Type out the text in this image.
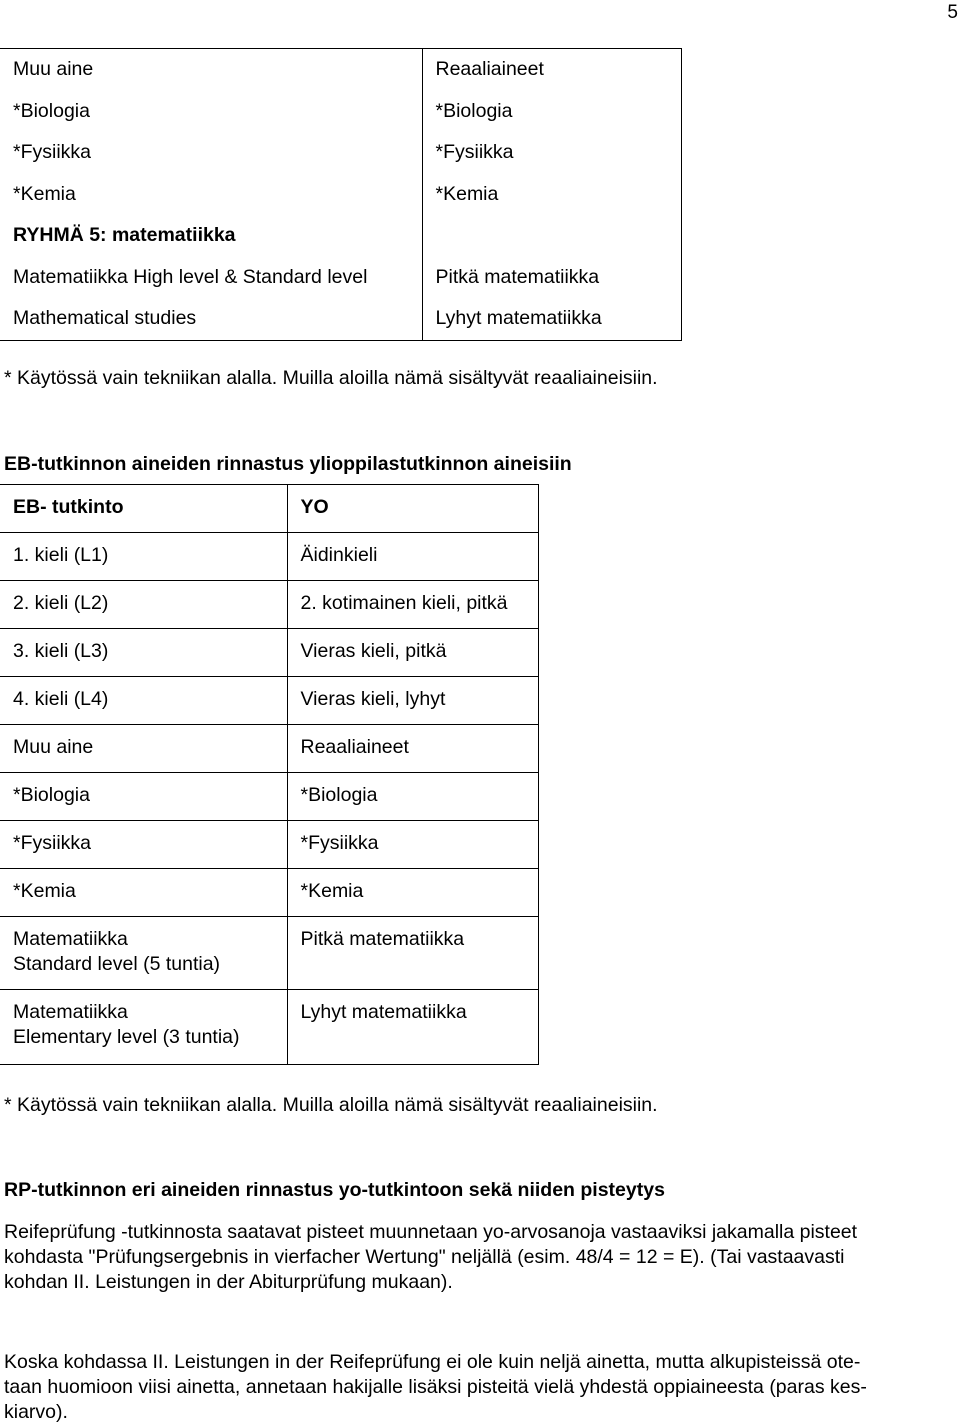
5
Muu aine	Reaaliaineet
*Biologia	*Biologia
*Fysiikka	*Fysiikka
*Kemia	*Kemia
RYHMÄ 5: matematiikka	
Matematiikka High level & Standard level	Pitkä matematiikka
Mathematical studies	Lyhyt matematiikka
* Käytössä vain tekniikan alalla. Muilla aloilla nämä sisältyvät reaaliaineisiin.
EB-tutkinnon aineiden rinnastus ylioppilastutkinnon aineisiin
EB- tutkinto	YO
1. kieli (L1)	Äidinkieli
2. kieli (L2)	2. kotimainen kieli, pitkä
3. kieli (L3)	Vieras kieli, pitkä
4. kieli (L4)	Vieras kieli, lyhyt
Muu aine	Reaaliaineet
*Biologia	*Biologia
*Fysiikka	*Fysiikka
*Kemia	*Kemia

Matematiikka
Standard level (5 tuntia)	Pitkä matematiikka

Matematiikka
Elementary level (3 tuntia)	Lyhyt matematiikka
* Käytössä vain tekniikan alalla. Muilla aloilla nämä sisältyvät reaaliaineisiin.
RP-tutkinnon eri aineiden rinnastus yo-tutkintoon sekä niiden pisteytys
Reifeprüfung -tutkinnosta saatavat pisteet muunnetaan yo-arvosanoja vastaaviksi jakamalla pisteet
kohdasta "Prüfungsergebnis in vierfacher Wertung" neljällä (esim. 48/4 = 12 = E). (Tai vastaavasti
kohdan II. Leistungen in der Abiturprüfung mukaan).
Koska kohdassa II. Leistungen in der Reifeprüfung ei ole kuin neljä ainetta, mutta alkupisteissä ote-
taan huomioon viisi ainetta, annetaan hakijalle lisäksi pisteitä vielä yhdestä oppiaineesta (paras kes-
kiarvo).
